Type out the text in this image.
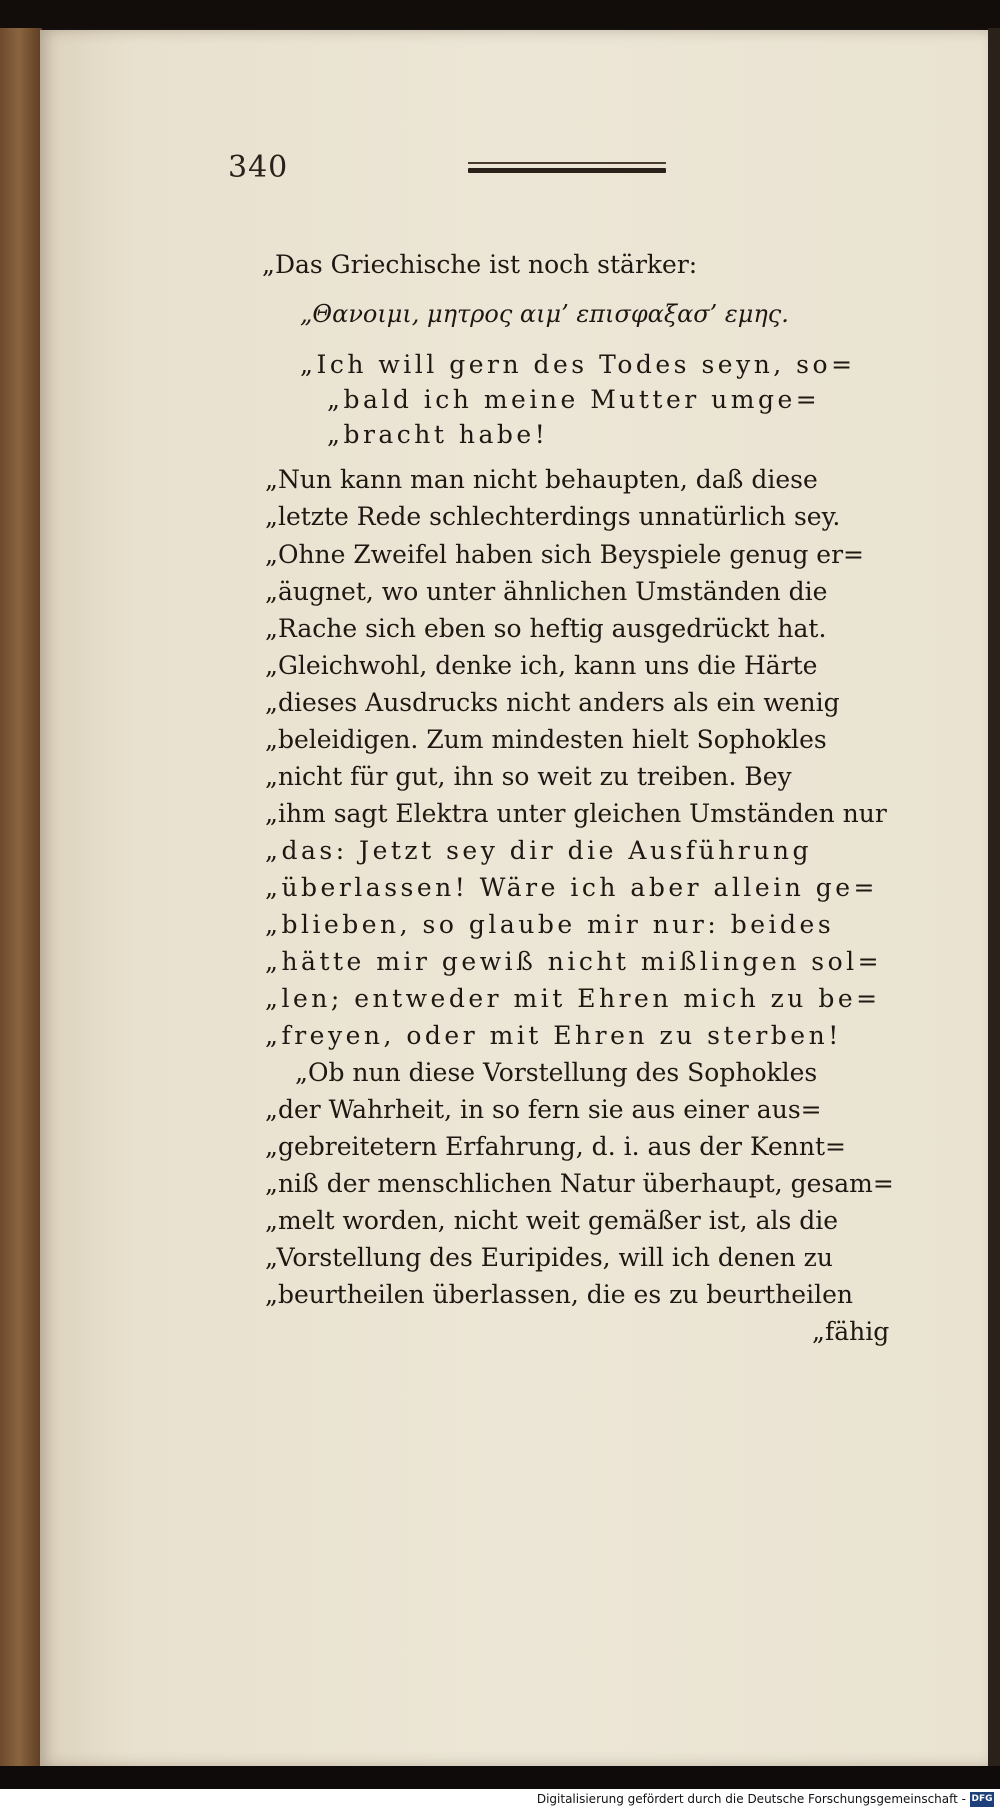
340
„Das Griechische ist noch stärker:
„Θανοιμι, μητρος αιμ’ επισφαξασ’ εμης.
„Ich will gern des Todes seyn, so=
„bald ich meine Mutter umge=
„bracht habe!
„Nun kann man nicht behaupten, daß diese
„letzte Rede schlechterdings unnatürlich sey.
„Ohne Zweifel haben sich Beyspiele genug er=
„äugnet, wo unter ähnlichen Umständen die
„Rache sich eben so heftig ausgedrückt hat.
„Gleichwohl, denke ich, kann uns die Härte
„dieses Ausdrucks nicht anders als ein wenig
„beleidigen. Zum mindesten hielt Sophokles
„nicht für gut, ihn so weit zu treiben. Bey
„ihm sagt Elektra unter gleichen Umständen nur
„das: Jetzt sey dir die Ausführung
„überlassen! Wäre ich aber allein ge=
„blieben, so glaube mir nur: beides
„hätte mir gewiß nicht mißlingen sol=
„len; entweder mit Ehren mich zu be=
„freyen, oder mit Ehren zu sterben!
„Ob nun diese Vorstellung des Sophokles
„der Wahrheit, in so fern sie aus einer aus=
„gebreitetern Erfahrung, d. i. aus der Kennt=
„niß der menschlichen Natur überhaupt, gesam=
„melt worden, nicht weit gemäßer ist, als die
„Vorstellung des Euripides, will ich denen zu
„beurtheilen überlassen, die es zu beurtheilen
„fähig
Digitalisierung gefördert durch die Deutsche Forschungsgemeinschaft - DFG
